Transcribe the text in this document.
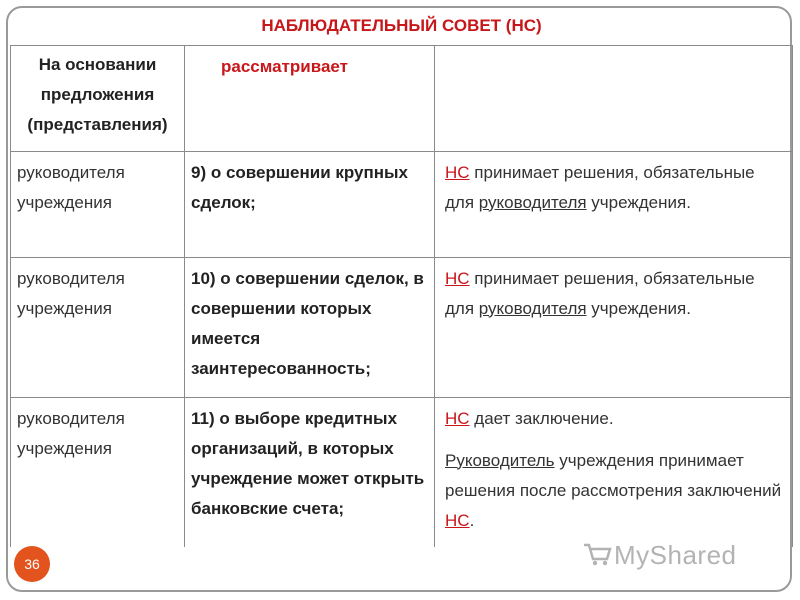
НАБЛЮДАТЕЛЬНЫЙ СОВЕТ (НС)		
На основании предложения (представления)	рассматривает	
руководителя учреждения	9) о совершении крупных сделок;	НС принимает решения, обязательные для руководителя учреждения.
руководителя учреждения	10) о совершении сделок, в совершении которых имеется заинтересованность;	НС принимает решения, обязательные для руководителя учреждения.
руководителя учреждения	11) о выборе кредитных организаций, в которых учреждение может открыть банковские счета;	НС дает заключение.
Руководитель учреждения принимает решения после рассмотрения заключений НС.
36	MyShared
